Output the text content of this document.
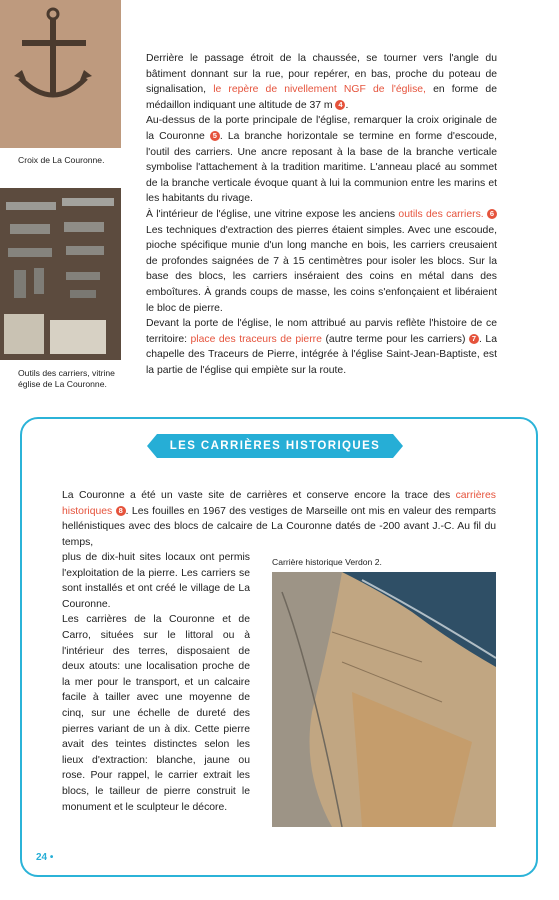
Croix de La Couronne.
Outils des carriers, vitrine
église de La Couronne.
Derrière le passage étroit de la chaussée, se tourner vers l'angle du bâtiment donnant sur la rue, pour repérer, en bas, proche du poteau de signalisation, le repère de nivellement NGF de l'église, en forme de médaillon indiquant une altitude de 37 m 4 .
Au-dessus de la porte principale de l'église, remarquer la croix originale de la Couronne 5 . La branche horizontale se termine en forme d'escoude, l'outil des carriers. Une ancre reposant à la base de la branche verticale symbolise l'attachement à la tradition maritime. L'anneau placé au sommet de la branche verticale évoque quant à lui la communion entre les marins et les habitants du rivage.
À l'intérieur de l'église, une vitrine expose les anciens outils des carriers. 6 Les techniques d'extraction des pierres étaient simples. Avec une escoude, pioche spécifique munie d'un long manche en bois, les carriers creusaient de profondes saignées de 7 à 15 centimètres pour isoler les blocs. Sur la base des blocs, les carriers inséraient des coins en métal dans des emboîtures. À grands coups de masse, les coins s'enfonçaient et libéraient le bloc de pierre.
Devant la porte de l'église, le nom attribué au parvis reflète l'histoire de ce territoire: place des traceurs de pierre (autre terme pour les carriers) 7 . La chapelle des Traceurs de Pierre, intégrée à l'église Saint-Jean-Baptiste, est la partie de l'église qui empiète sur la route.
LES CARRIÈRES HISTORIQUES
La Couronne a été un vaste site de carrières et conserve encore la trace des carrières historiques 8 . Les fouilles en 1967 des vestiges de Marseille ont mis en valeur des remparts hellénistiques avec des blocs de calcaire de La Couronne datés de -200 avant J.-C. Au fil du temps,
plus de dix-huit sites locaux ont permis l'exploitation de la pierre. Les carriers se sont installés et ont créé le village de La Couronne.
Les carrières de la Couronne et de Carro, situées sur le littoral ou à l'intérieur des terres, disposaient de deux atouts: une localisation proche de la mer pour le transport, et un calcaire facile à tailler avec une moyenne de cinq, sur une échelle de dureté des pierres variant de un à dix. Cette pierre avait des teintes distinctes selon les lieux d'extraction: blanche, jaune ou rose. Pour rappel, le carrier extrait les blocs, le tailleur de pierre construit le monument et le sculpteur le décore.
Carrière historique Verdon 2.
24 •
